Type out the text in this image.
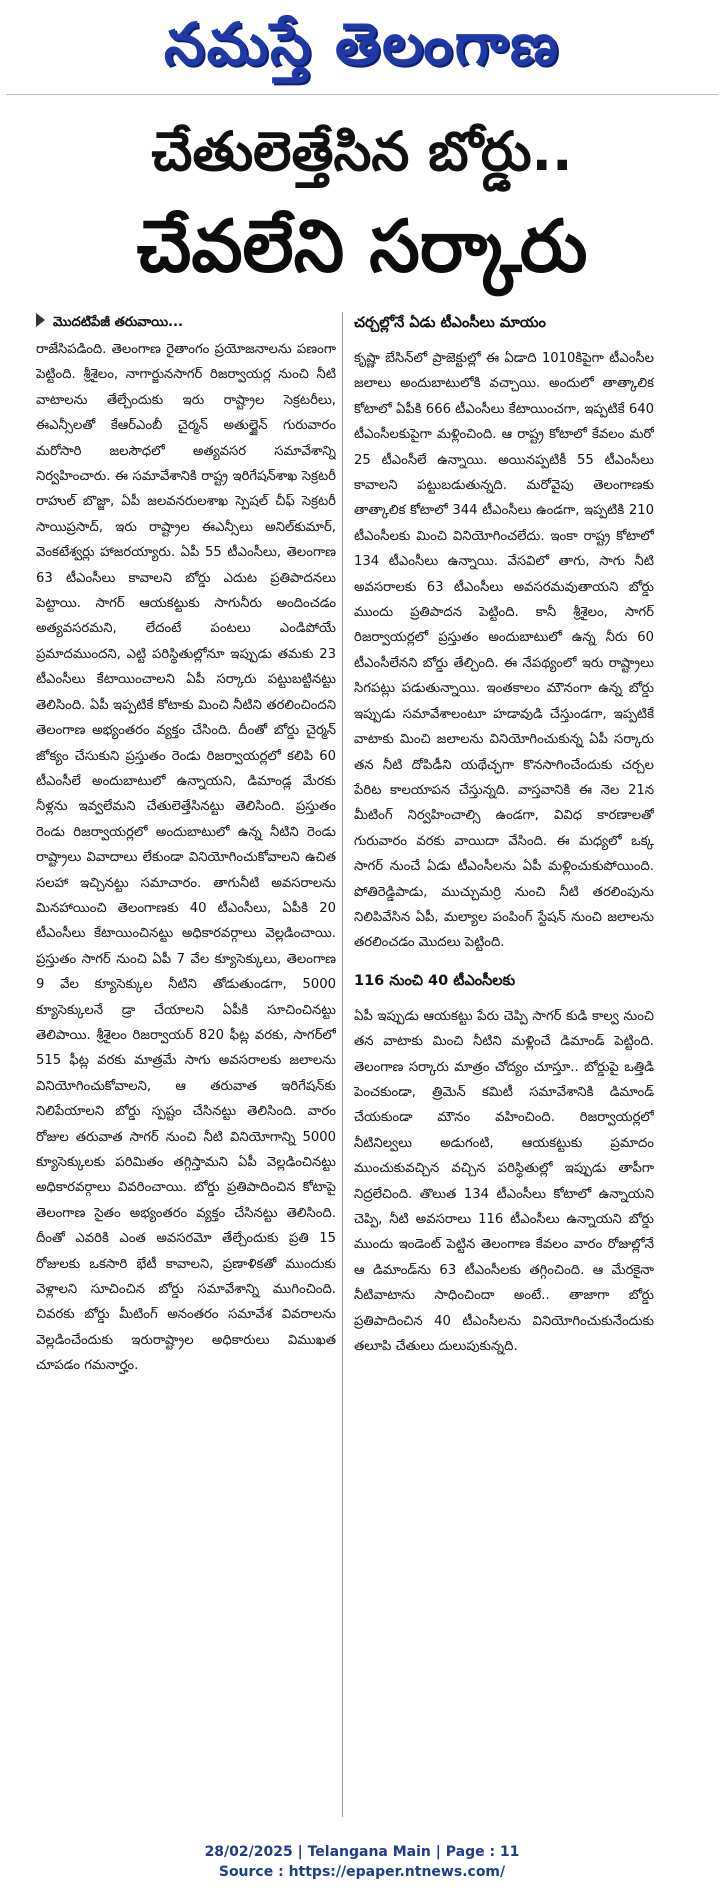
నమస్తే తెలంగాణ
చేతులెత్తేసిన బోర్డు..
చేవలేని సర్కారు

మొదటిపేజీ తరువాయి...

రాజేసిపడింది. తెలంగాణ రైతాంగం ప్రయోజనాలను పణంగా పెట్టింది. శ్రీశైలం, నాగార్జునసాగర్ రిజర్వాయర్ల నుంచి నీటి వాటాలను తేల్చేందుకు ఇరు రాష్ట్రాల సెక్రటరీలు, ఈఎన్సీలతో కేఆర్ఎంబీ చైర్మన్ అతుల్జైన్ గురువారం మరోసారి జలసౌధలో అత్యవసర సమావేశాన్ని నిర్వహించారు. ఈ సమావేశానికి రాష్ట్ర ఇరిగేషన్‌శాఖ సెక్రటరీ రాహుల్ బొజ్జా, ఏపీ జలవనరులశాఖ స్పెషల్ చీఫ్ సెక్రటరీ సాయిప్రసాద్, ఇరు రాష్ట్రాల ఈఎన్సీలు అనిల్‌కుమార్, వెంకటేశ్వర్లు హాజరయ్యారు. ఏపీ 55 టీఎంసీలు, తెలంగాణ 63 టీఎంసీలు కావాలని బోర్డు ఎదుట ప్రతిపాదనలు పెట్టాయి. సాగర్ ఆయకట్టుకు సాగునీరు అందించడం అత్యవసరమని, లేదంటే పంటలు ఎండిపోయే ప్రమాదముందని, ఎట్టి పరిస్థితుల్లోనూ ఇప్పుడు తమకు 23 టీఎంసీలు కేటాయించాలని ఏపీ సర్కారు పట్టుబట్టినట్టు తెలిసింది. ఏపీ ఇప్పటికే కోటాకు మించి నీటిని తరలించిందని తెలంగాణ అభ్యంతరం వ్యక్తం చేసింది. దీంతో బోర్డు చైర్మన్ జోక్యం చేసుకుని ప్రస్తుతం రెండు రిజర్వాయర్లలో కలిపి 60 టీఎంసీలే అందుబాటులో ఉన్నాయని, డిమాండ్ల మేరకు నీళ్లను ఇవ్వలేమని చేతులెత్తేసినట్టు తెలిసింది. ప్రస్తుతం రెండు రిజర్వాయర్లలో అందుబాటులో ఉన్న నీటిని రెండు రాష్ట్రాలు వివాదాలు లేకుండా వినియోగించుకోవాలని ఉచిత సలహా ఇచ్చినట్టు సమాచారం. తాగునీటి అవసరాలను మినహాయించి తెలంగాణకు 40 టీఎంసీలు, ఏపీకి 20 టీఎంసీలు కేటాయించినట్టు అధికారవర్గాలు వెల్లడించాయి. ప్రస్తుతం సాగర్ నుంచి ఏపీ 7 వేల క్యూసెక్కులు, తెలంగాణ 9 వేల క్యూసెక్కుల నీటిని తోడుతుండగా, 5000 క్యూసెక్కులనే డ్రా చేయాలని ఏపీకి సూచించినట్టు తెలిపాయి. శ్రీశైలం రిజర్వాయర్ 820 ఫీట్ల వరకు, సాగర్‌లో 515 ఫీట్ల వరకు మాత్రమే సాగు అవసరాలకు జలాలను వినియోగించుకోవాలని, ఆ తరువాత ఇరిగేషన్‌కు నిలిపేయాలని బోర్డు స్పష్టం చేసినట్టు తెలిసింది. వారం రోజుల తరువాత సాగర్ నుంచి నీటి వినియోగాన్ని 5000 క్యూసెక్కులకు పరిమితం తగ్గిస్తామని ఏపీ వెల్లడించినట్టు అధికారవర్గాలు వివరించాయి. బోర్డు ప్రతిపాదించిన కోటాపై తెలంగాణ సైతం అభ్యంతరం వ్యక్తం చేసినట్టు తెలిసింది. దీంతో ఎవరికి ఎంత అవసరమో తేల్చేందుకు ప్రతి 15 రోజులకు ఒకసారి భేటీ కావాలని, ప్రణాళికతో ముందుకు వెళ్లాలని సూచించిన బోర్డు సమావేశాన్ని ముగించింది. చివరకు బోర్డు మీటింగ్ అనంతరం సమావేశ వివరాలను వెల్లడించేందుకు ఇరురాష్ట్రాల అధికారులు విముఖత చూపడం గమనార్హం.

చర్చల్లోనే ఏడు టీఎంసీలు మాయం

కృష్ణా బేసిన్‌లో ప్రాజెక్టుల్లో ఈ ఏడాది 1010కిపైగా టీఎంసీల జలాలు అందుబాటులోకి వచ్చాయి. అందులో తాత్కాలిక కోటాలో ఏపీకి 666 టీఎంసీలు కేటాయించగా, ఇప్పటికే 640 టీఎంసీలకుపైగా మళ్లించింది. ఆ రాష్ట్ర కోటాలో కేవలం మరో 25 టీఎంసీలే ఉన్నాయి. అయినప్పటికీ 55 టీఎంసీలు కావాలని పట్టుబడుతున్నది. మరోవైపు తెలంగాణకు తాత్కాలిక కోటాలో 344 టీఎంసీలు ఉండగా, ఇప్పటికి 210 టీఎంసీలకు మించి వినియోగించలేదు. ఇంకా రాష్ట్ర కోటాలో 134 టీఎంసీలు ఉన్నాయి. వేసవిలో తాగు, సాగు నీటి అవసరాలకు 63 టీఎంసీలు అవసరమవుతాయని బోర్డు ముందు ప్రతిపాదన పెట్టింది. కానీ శ్రీశైలం, సాగర్ రిజర్వాయర్లలో ప్రస్తుతం అందుబాటులో ఉన్న నీరు 60 టీఎంసీలేనని బోర్డు తేల్చింది. ఈ నేపథ్యంలో ఇరు రాష్ట్రాలు సిగపట్లు పడుతున్నాయి. ఇంతకాలం మౌనంగా ఉన్న బోర్డు ఇప్పుడు సమావేశాలంటూ హడావుడి చేస్తుండగా, ఇప్పటికే వాటాకు మించి జలాలను వినియోగించుకున్న ఏపీ సర్కారు తన నీటి దోపిడీని యథేచ్ఛగా కొనసాగించేందుకు చర్చల పేరిట కాలయాపన చేస్తున్నది. వాస్తవానికి ఈ నెల 21న మీటింగ్ నిర్వహించాల్సి ఉండగా, వివిధ కారణాలతో గురువారం వరకు వాయిదా వేసింది. ఈ మధ్యలో ఒక్క సాగర్ నుంచే ఏడు టీఎంసీలను ఏపీ మళ్లించుకుపోయింది. పోతిరెడ్డిపాడు, ముచ్చుమర్రి నుంచి నీటి తరలింపును నిలిపివేసిన ఏపీ, మల్యాల పంపింగ్ స్టేషన్ నుంచి జలాలను తరలించడం మొదలు పెట్టింది.

116 నుంచి 40 టీఎంసీలకు

ఏపీ ఇప్పుడు ఆయకట్టు పేరు చెప్పి సాగర్ కుడి కాల్వ నుంచి తన వాటాకు మించి నీటిని మళ్లించే డిమాండ్ పెట్టింది. తెలంగాణ సర్కారు మాత్రం చోద్యం చూస్తూ.. బోర్డుపై ఒత్తిడి పెంచకుండా, త్రిమెన్ కమిటీ సమావేశానికి డిమాండ్ చేయకుండా మౌనం వహించింది. రిజర్వాయర్లలో నీటినిల్వలు అడుగంటి, ఆయకట్టుకు ప్రమాదం ముంచుకువచ్చిన వచ్చిన పరిస్థితుల్లో ఇప్పుడు తాపీగా నిద్రలేచింది. తొలుత 134 టీఎంసీలు కోటాలో ఉన్నాయని చెప్పి, నీటి అవసరాలు 116 టీఎంసీలు ఉన్నాయని బోర్డు ముందు ఇండెంట్ పెట్టిన తెలంగాణ కేవలం వారం రోజుల్లోనే ఆ డిమాండ్‌ను 63 టీఎంసీలకు తగ్గించింది. ఆ మేరకైనా నీటివాటాను సాధించిందా అంటే.. తాజాగా బోర్డు ప్రతిపాదించిన 40 టీఎంసీలను వినియోగించుకునేందుకు తలూపి చేతులు దులుపుకున్నది.

28/02/2025 | Telangana Main | Page : 11
Source : https://epaper.ntnews.com/
